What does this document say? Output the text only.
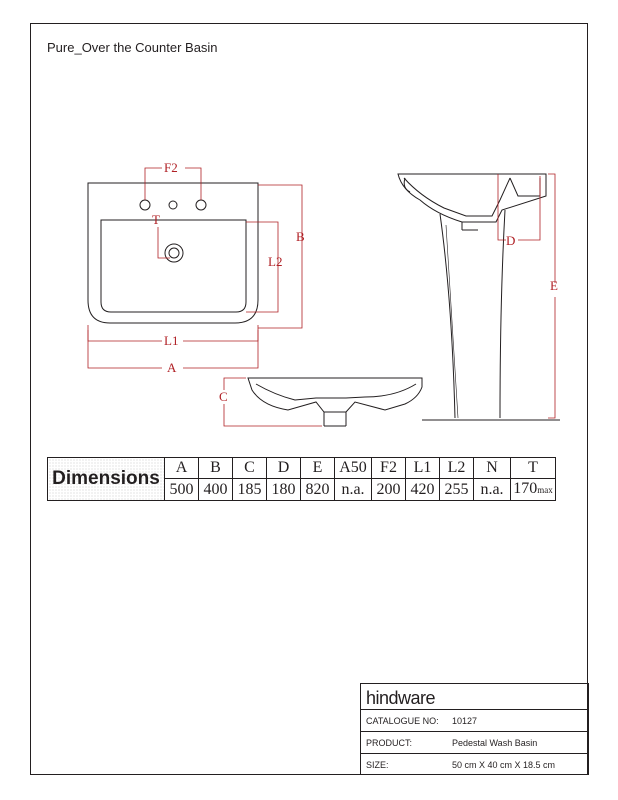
Pure_Over the Counter Basin
F2
T
B
L2
L1
A
C
D
E
Dimensions	A	B	C	D	E	A50	F2	L1	L2	N	T
	500	400	185	180	820	n.a.	200	420	255	n.a.	170max
hindware
CATALOGUE NO: 10127
PRODUCT:	Pedestal Wash Basin
SIZE:	50 cm X 40 cm X 18.5 cm
